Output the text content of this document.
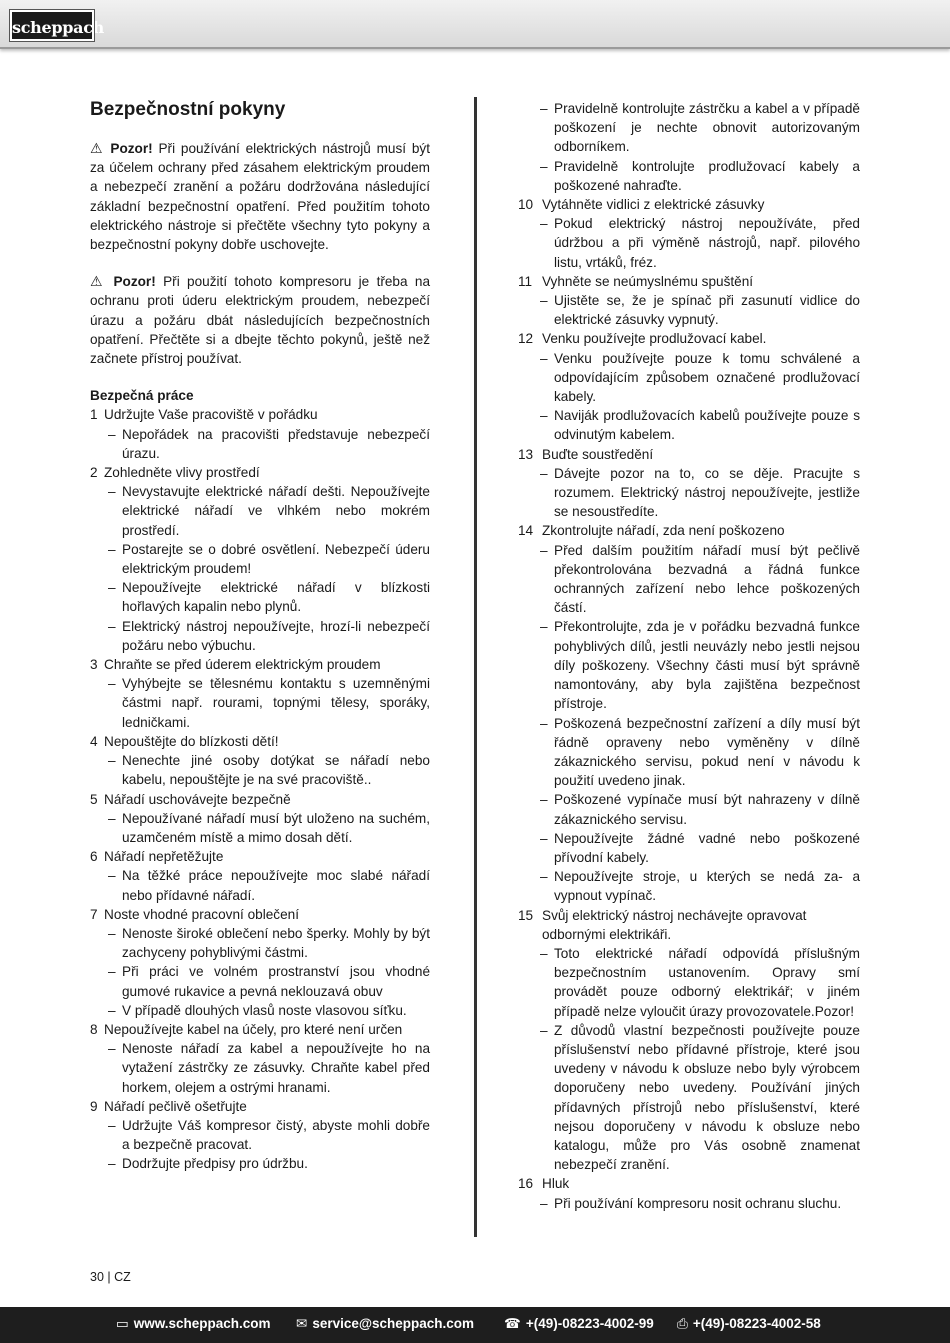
scheppach
Bezpečnostní pokyny

⚠ Pozor! Při používání elektrických nástrojů musí být za účelem ochrany před zásahem elektrickým proudem a nebezpečí zranění a požáru dodržována následující základní bezpečnostní opatření. Před použitím tohoto elektrického nástroje si přečtěte všechny tyto pokyny a bezpečnostní pokyny dobře uschovejte.

⚠ Pozor! Při použití tohoto kompresoru je třeba na ochranu proti úderu elektrickým proudem, nebezpečí úrazu a požáru dbát následujících bezpečnostních opatření. Přečtěte si a dbejte těchto pokynů, ještě než začnete přístroj používat.

Bezpečná práce
1 Udržujte Vaše pracoviště v pořádku
– Nepořádek na pracovišti představuje nebezpečí úrazu.
2 Zohledněte vlivy prostředí
– Nevystavujte elektrické nářadí dešti. Nepoužívejte elektrické nářadí ve vlhkém nebo mokrém prostředí.
– Postarejte se o dobré osvětlení. Nebezpečí úderu elektrickým proudem!
– Nepoužívejte elektrické nářadí v blízkosti hořlavých kapalin nebo plynů.
– Elektrický nástroj nepoužívejte, hrozí-li nebezpečí požáru nebo výbuchu.
3 Chraňte se před úderem elektrickým proudem
– Vyhýbejte se tělesnému kontaktu s uzemněnými částmi např. rourami, topnými tělesy, sporáky, ledničkami.
4 Nepouštějte do blízkosti dětí!
– Nenechte jiné osoby dotýkat se nářadí nebo kabelu, nepouštějte je na své pracoviště..
5 Nářadí uschovávejte bezpečně
– Nepoužívané nářadí musí být uloženo na suchém, uzamčeném místě a mimo dosah dětí.
6 Nářadí nepřetěžujte
– Na těžké práce nepoužívejte moc slabé nářadí nebo přídavné nářadí.
7 Noste vhodné pracovní oblečení
– Nenoste široké oblečení nebo šperky. Mohly by být zachyceny pohyblivými částmi.
– Při práci ve volném prostranství jsou vhodné gumové rukavice a pevná neklouzavá obuv
– V případě dlouhých vlasů noste vlasovou síťku.
8 Nepoužívejte kabel na účely, pro které není určen
– Nenoste nářadí za kabel a nepoužívejte ho na vytažení zástrčky ze zásuvky. Chraňte kabel před horkem, olejem a ostrými hranami.
9 Nářadí pečlivě ošetřujte
– Udržujte Váš kompresor čistý, abyste mohli dobře a bezpečně pracovat.
– Dodržujte předpisy pro údržbu.
– Pravidelně kontrolujte zástrčku a kabel a v případě poškození je nechte obnovit autorizovaným odborníkem.
– Pravidelně kontrolujte prodlužovací kabely a poškozené nahraďte.
10 Vytáhněte vidlici z elektrické zásuvky
– Pokud elektrický nástroj nepoužíváte, před údržbou a při výměně nástrojů, např. pilového listu, vrtáků, fréz.
11 Vyhněte se neúmyslnému spuštění
– Ujistěte se, že je spínač při zasunutí vidlice do elektrické zásuvky vypnutý.
12 Venku používejte prodlužovací kabel.
– Venku používejte pouze k tomu schválené a odpovídajícím způsobem označené prodlužovací kabely.
– Naviják prodlužovacích kabelů používejte pouze s odvinutým kabelem.
13 Buďte soustředění
– Dávejte pozor na to, co se děje. Pracujte s rozumem. Elektrický nástroj nepoužívejte, jestliže se nesoustředíte.
14 Zkontrolujte nářadí, zda není poškozeno
– Před dalším použitím nářadí musí být pečlivě překontrolována bezvadná a řádná funkce ochranných zařízení nebo lehce poškozených částí.
– Překontrolujte, zda je v pořádku bezvadná funkce pohyblivých dílů, jestli neuvázly nebo jestli nejsou díly poškozeny. Všechny části musí být správně namontovány, aby byla zajištěna bezpečnost přístroje.
– Poškozená bezpečnostní zařízení a díly musí být řádně opraveny nebo vyměněny v dílně zákaznického servisu, pokud není v návodu k použití uvedeno jinak.
– Poškozené vypínače musí být nahrazeny v dílně zákaznického servisu.
– Nepoužívejte žádné vadné nebo poškozené přívodní kabely.
– Nepoužívejte stroje, u kterých se nedá za- a vypnout vypínač.
15 Svůj elektrický nástroj nechávejte opravovat odbornými elektrikáři.
– Toto elektrické nářadí odpovídá příslušným bezpečnostním ustanovením. Opravy smí provádět pouze odborný elektrikář; v jiném případě nelze vyloučit úrazy provozovatele.Pozor!
– Z důvodů vlastní bezpečnosti používejte pouze příslušenství nebo přídavné přístroje, které jsou uvedeny v návodu k obsluze nebo byly výrobcem doporučeny nebo uvedeny. Používání jiných přídavných přístrojů nebo příslušenství, které nejsou doporučeny v návodu k obsluze nebo katalogu, může pro Vás osobně znamenat nebezpečí zranění.
16 Hluk
– Při používání kompresoru nosit ochranu sluchu.
30 | CZ
▭ www.scheppach.com ✉ service@scheppach.com ☎ +(49)-08223-4002-99 ⎙ +(49)-08223-4002-58
